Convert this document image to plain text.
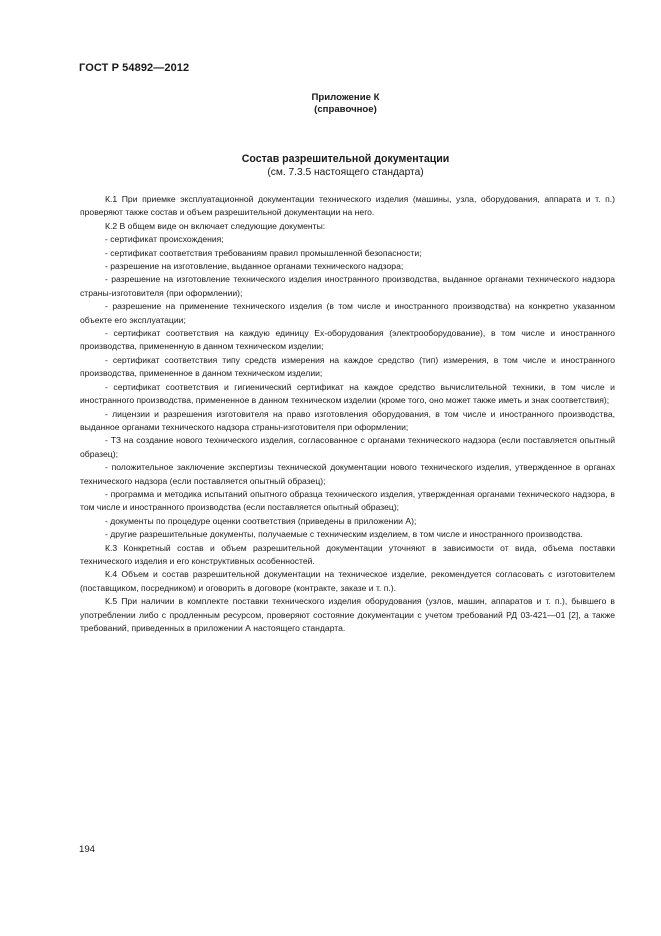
ГОСТ Р 54892—2012
Приложение К
(справочное)
Состав разрешительной документации
(см. 7.3.5 настоящего стандарта)

К.1 При приемке эксплуатационной документации технического изделия (машины, узла, оборудования, аппарата и т. п.) проверяют также состав и объем разрешительной документации на него.

К.2 В общем виде он включает следующие документы:

- сертификат происхождения;

- сертификат соответствия требованиям правил промышленной безопасности;

- разрешение на изготовление, выданное органами технического надзора;

- разрешение на изготовление технического изделия иностранного производства, выданное органами технического надзора страны-изготовителя (при оформлении);

- разрешение на применение технического изделия (в том числе и иностранного производства) на конкретно указанном объекте его эксплуатации;

- сертификат соответствия на каждую единицу Ex-оборудования (электрооборудование), в том числе и иностранного производства, примененную в данном техническом изделии;

- сертификат соответствия типу средств измерения на каждое средство (тип) измерения, в том числе и иностранного производства, примененное в данном техническом изделии;

- сертификат соответствия и гигиенический сертификат на каждое средство вычислительной техники, в том числе и иностранного производства, примененное в данном техническом изделии (кроме того, оно может также иметь и знак соответствия);

- лицензии и разрешения изготовителя на право изготовления оборудования, в том числе и иностранного производства, выданное органами технического надзора страны-изготовителя при оформлении;

- ТЗ на создание нового технического изделия, согласованное с органами технического надзора (если поставляется опытный образец);

- положительное заключение экспертизы технической документации нового технического изделия, утвержденное в органах технического надзора (если поставляется опытный образец);

- программа и методика испытаний опытного образца технического изделия, утвержденная органами технического надзора, в том числе и иностранного производства (если поставляется опытный образец);

- документы по процедуре оценки соответствия (приведены в приложении А);

- другие разрешительные документы, получаемые с техническим изделием, в том числе и иностранного производства.

К.3 Конкретный состав и объем разрешительной документации уточняют в зависимости от вида, объема поставки технического изделия и его конструктивных особенностей.

К.4 Объем и состав разрешительной документации на техническое изделие, рекомендуется согласовать с изготовителем (поставщиком, посредником) и оговорить в договоре (контракте, заказе и т. п.).

К.5 При наличии в комплекте поставки технического изделия оборудования (узлов, машин, аппаратов и т. п.), бывшего в употреблении либо с продленным ресурсом, проверяют состояние документации с учетом требований РД 03-421—01 [2], а также требований, приведенных в приложении А настоящего стандарта.

194
